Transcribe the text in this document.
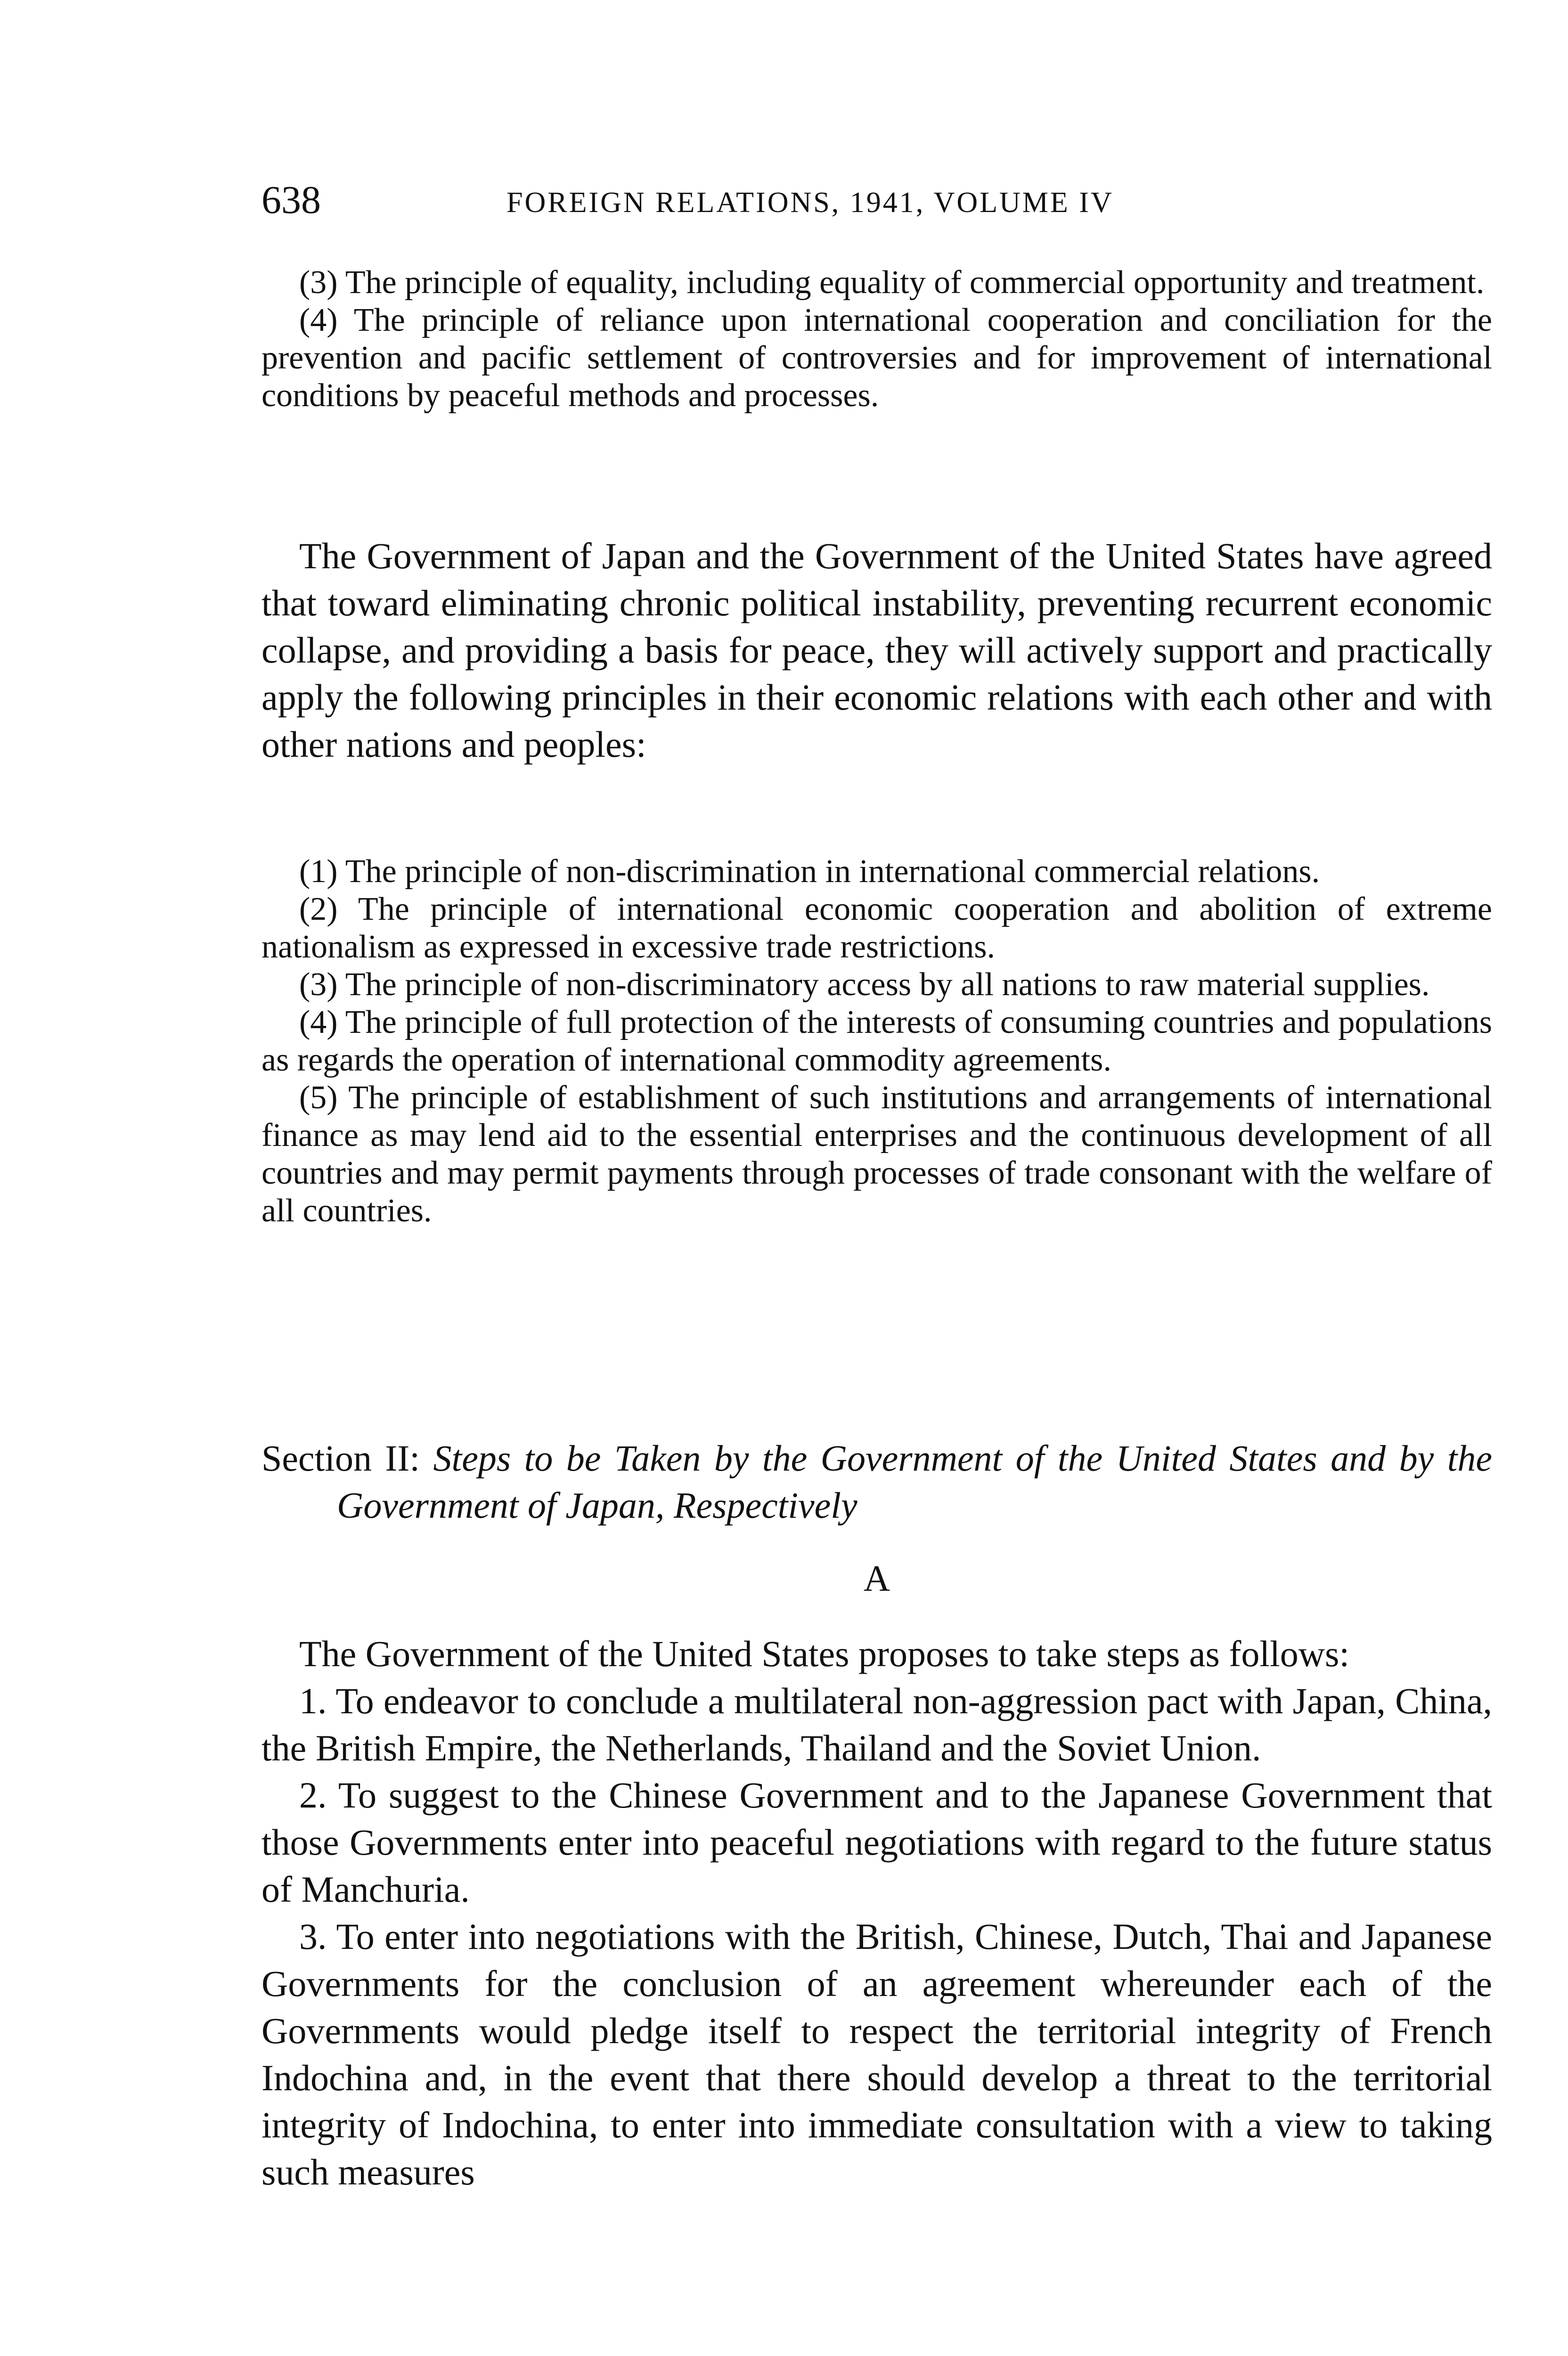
638	FOREIGN RELATIONS, 1941, VOLUME IV

(3) The principle of equality, including equality of commercial opportunity and treatment.

(4) The principle of reliance upon international cooperation and conciliation for the prevention and pacific settlement of controversies and for improvement of international conditions by peaceful methods and processes.

The Government of Japan and the Government of the United States have agreed that toward eliminating chronic political instability, preventing recurrent economic collapse, and providing a basis for peace, they will actively support and practically apply the following principles in their economic relations with each other and with other nations and peoples:

(1) The principle of non-discrimination in international commercial relations.

(2) The principle of international economic cooperation and abolition of extreme nationalism as expressed in excessive trade restrictions.

(3) The principle of non-discriminatory access by all nations to raw material supplies.

(4) The principle of full protection of the interests of consuming countries and populations as regards the operation of international commodity agreements.

(5) The principle of establishment of such institutions and arrangements of international finance as may lend aid to the essential enterprises and the continuous development of all countries and may permit payments through processes of trade consonant with the welfare of all countries.

Section II: Steps to be Taken by the Government of the United States and by the Government of Japan, Respectively

A

The Government of the United States proposes to take steps as follows:

1. To endeavor to conclude a multilateral non-aggression pact with Japan, China, the British Empire, the Netherlands, Thailand and the Soviet Union.

2. To suggest to the Chinese Government and to the Japanese Government that those Governments enter into peaceful negotiations with regard to the future status of Manchuria.

3. To enter into negotiations with the British, Chinese, Dutch, Thai and Japanese Governments for the conclusion of an agreement whereunder each of the Governments would pledge itself to respect the territorial integrity of French Indochina and, in the event that there should develop a threat to the territorial integrity of Indochina, to enter into immediate consultation with a view to taking such measures
